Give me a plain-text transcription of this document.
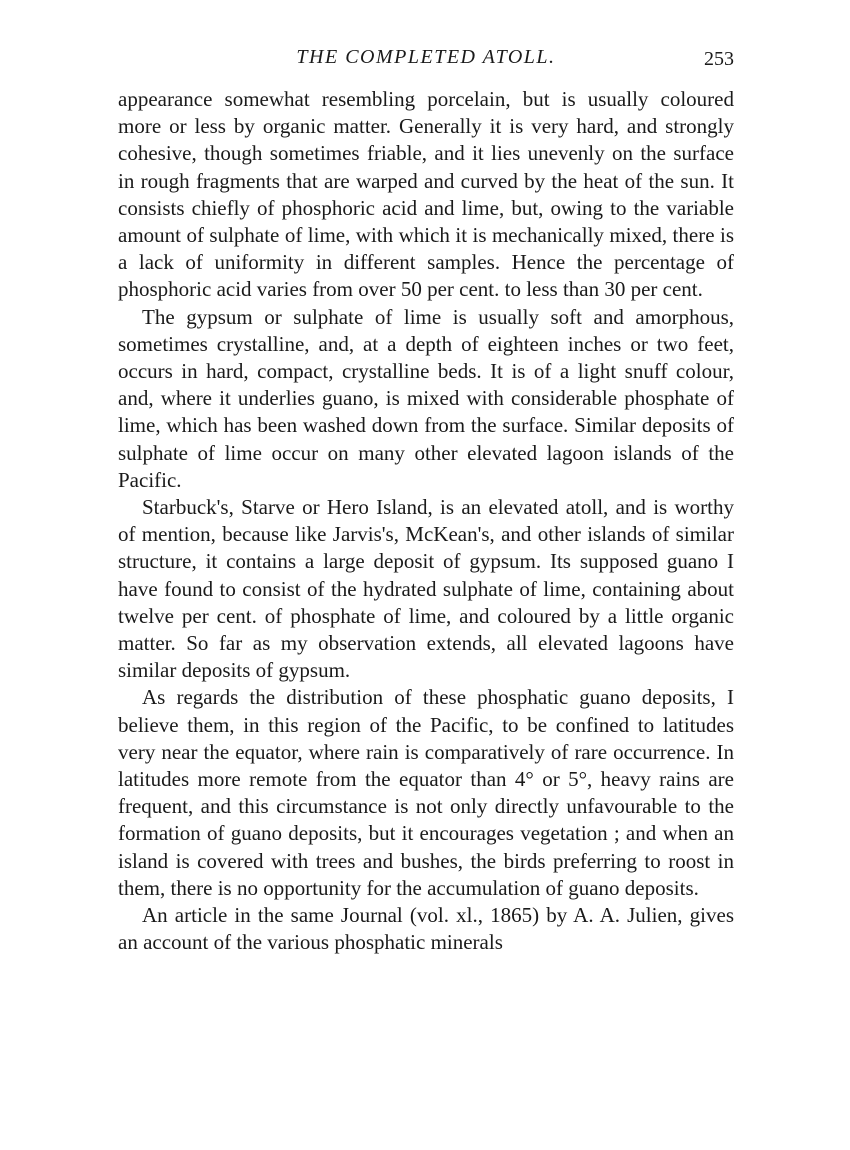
THE COMPLETED ATOLL.	253

appearance somewhat resembling porcelain, but is usually coloured more or less by organic matter. Generally it is very hard, and strongly cohesive, though sometimes friable, and it lies unevenly on the surface in rough fragments that are warped and curved by the heat of the sun. It consists chiefly of phosphoric acid and lime, but, owing to the variable amount of sulphate of lime, with which it is mechanically mixed, there is a lack of uniformity in different samples. Hence the percentage of phosphoric acid varies from over 50 per cent. to less than 30 per cent.

The gypsum or sulphate of lime is usually soft and amorphous, sometimes crystalline, and, at a depth of eighteen inches or two feet, occurs in hard, compact, crystalline beds. It is of a light snuff colour, and, where it underlies guano, is mixed with considerable phosphate of lime, which has been washed down from the surface. Similar deposits of sulphate of lime occur on many other elevated lagoon islands of the Pacific.

Starbuck's, Starve or Hero Island, is an elevated atoll, and is worthy of mention, because like Jarvis's, McKean's, and other islands of similar structure, it contains a large deposit of gypsum. Its supposed guano I have found to consist of the hydrated sulphate of lime, containing about twelve per cent. of phosphate of lime, and coloured by a little organic matter. So far as my observation extends, all elevated lagoons have similar deposits of gypsum.

As regards the distribution of these phosphatic guano deposits, I believe them, in this region of the Pacific, to be confined to latitudes very near the equator, where rain is comparatively of rare occurrence. In latitudes more remote from the equator than 4° or 5°, heavy rains are frequent, and this circumstance is not only directly unfavourable to the formation of guano deposits, but it encourages vegetation ; and when an island is covered with trees and bushes, the birds preferring to roost in them, there is no opportunity for the accumulation of guano deposits.

An article in the same Journal (vol. xl., 1865) by A. A. Julien, gives an account of the various phosphatic minerals
